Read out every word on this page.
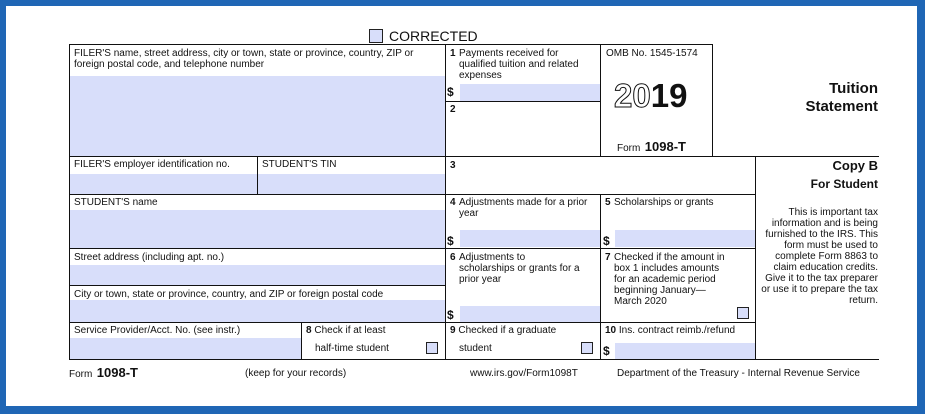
CORRECTED
FILER'S name, street address, city or town, state or province, country, ZIP or foreign postal code, and telephone number
FILER'S employer identification no.	STUDENT'S TIN
STUDENT'S name
Street address (including apt. no.)
City or town, state or province, country, and ZIP or foreign postal code
Service Provider/Acct. No. (see instr.)
1 Payments received for qualified tuition and related expenses
$
2
OMB No. 1545-1574
2019
Form 1098-T
Tuition
Statement
3	Copy B
For Student
This is important tax information and is being furnished to the IRS. This form must be used to complete Form 8863 to claim education credits. Give it to the tax preparer or use it to prepare the tax return.
4 Adjustments made for a prior year
$
5 Scholarships or grants
$
6 Adjustments to scholarships or grants for a prior year
$
7 Checked if the amount in box 1 includes amounts for an academic period beginning January— March 2020
8 Check if at least
half-time student
9 Checked if a graduate
student
10 Ins. contract reimb./refund
$
Form 1098-T	(keep for your records)	www.irs.gov/Form1098T	Department of the Treasury - Internal Revenue Service
